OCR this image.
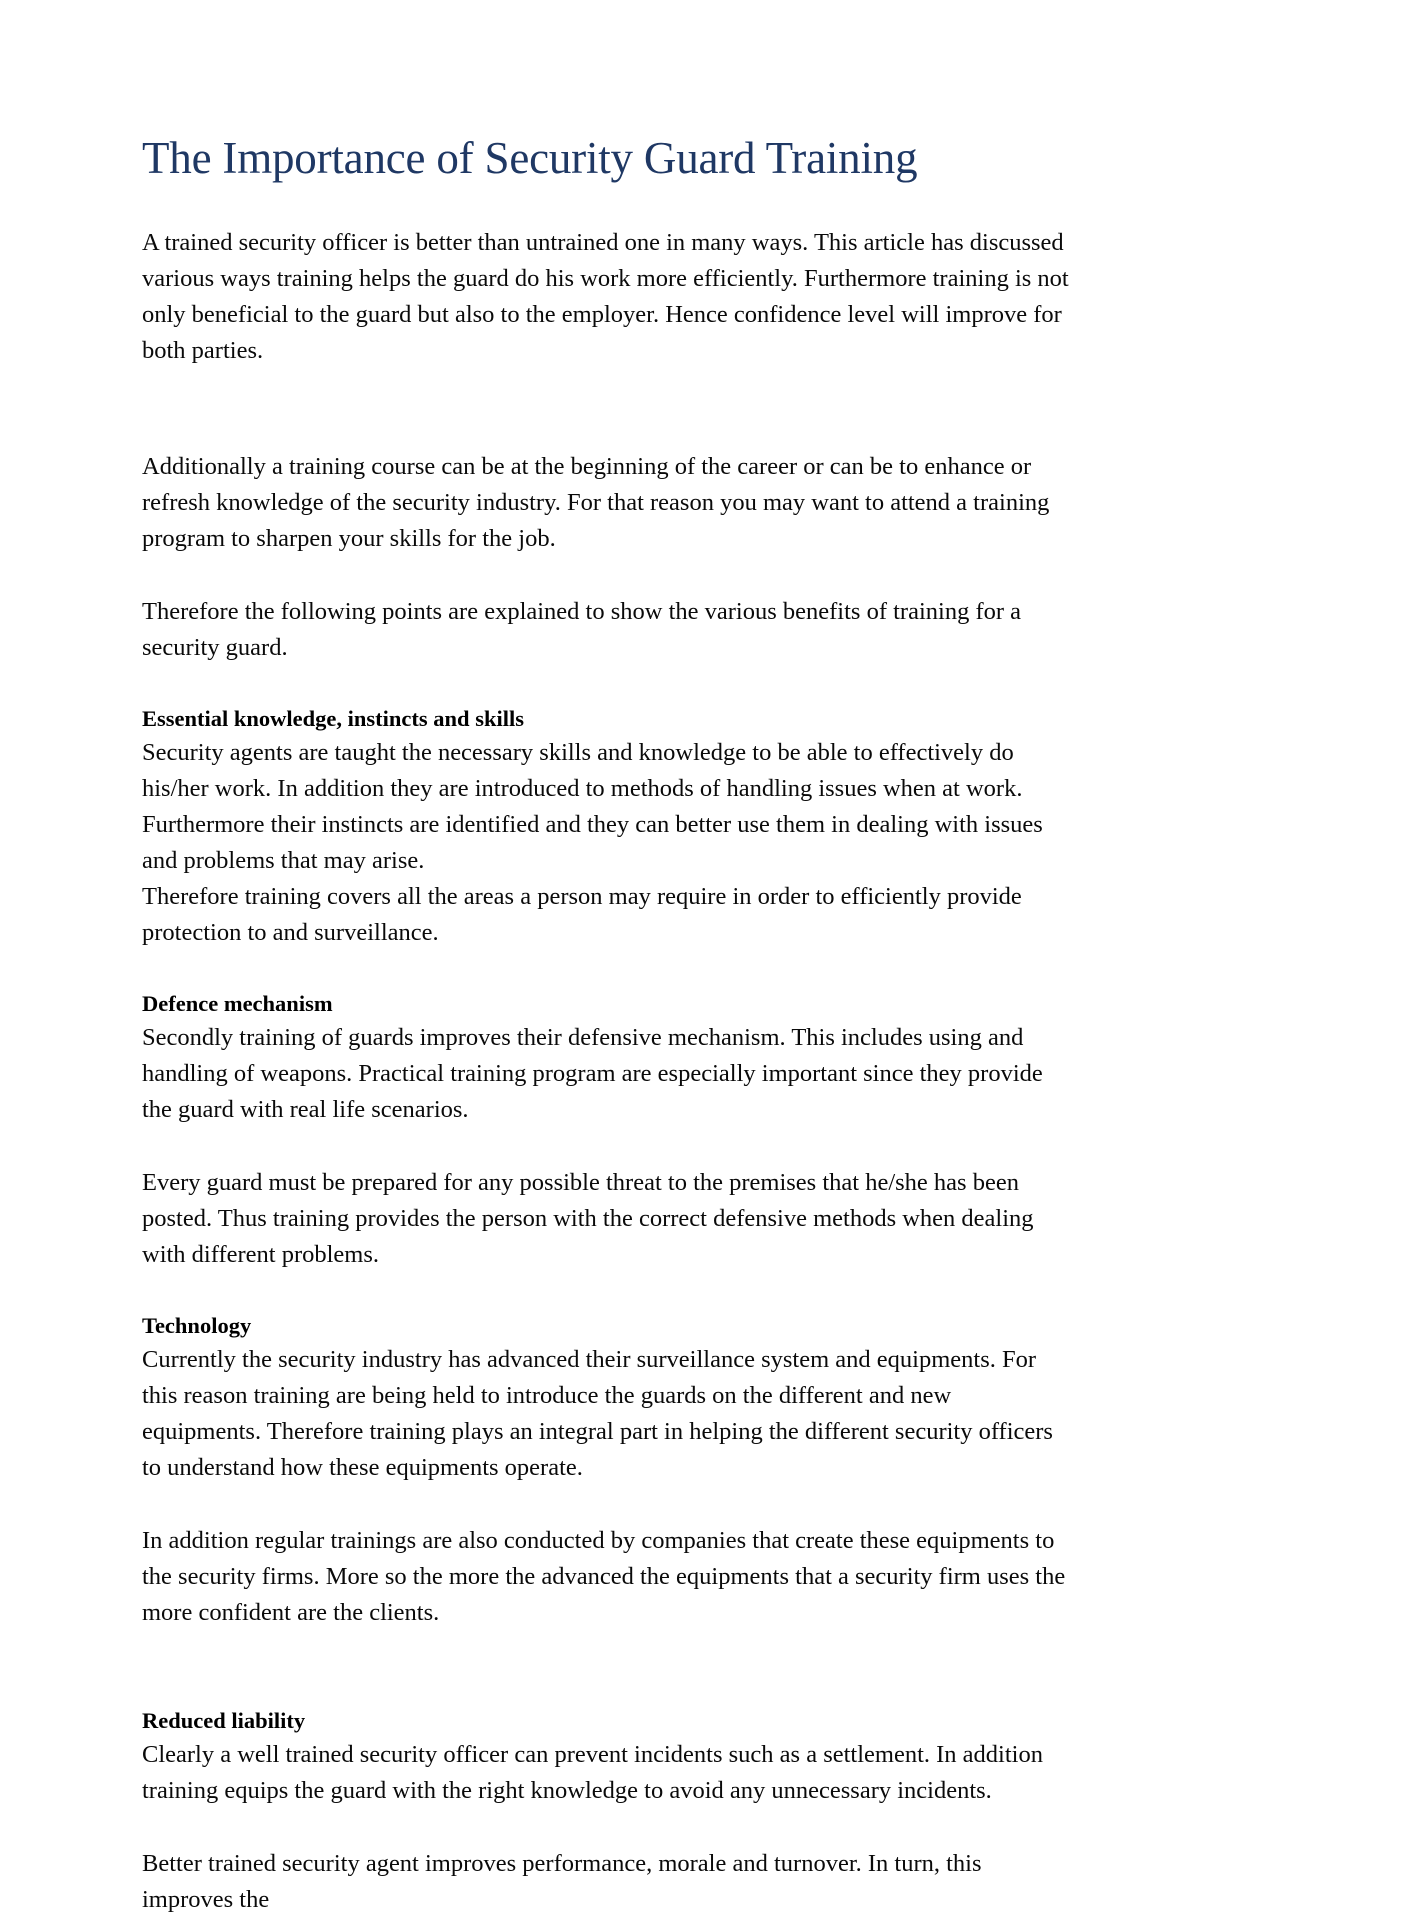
The Importance of Security Guard Training

A trained security officer is better than untrained one in many ways. This article has discussed various ways training helps the guard do his work more efficiently. Furthermore training is not only beneficial to the guard but also to the employer. Hence confidence level will improve for both parties.

Additionally a training course can be at the beginning of the career or can be to enhance or refresh knowledge of the security industry. For that reason you may want to attend a training program to sharpen your skills for the job.

Therefore the following points are explained to show the various benefits of training for a security guard.

Essential knowledge, instincts and skills

Security agents are taught the necessary skills and knowledge to be able to effectively do his/her work. In addition they are introduced to methods of handling issues when at work. Furthermore their instincts are identified and they can better use them in dealing with issues and problems that may arise.

Therefore training covers all the areas a person may require in order to efficiently provide protection to and surveillance.

Defence mechanism

Secondly training of guards improves their defensive mechanism. This includes using and handling of weapons. Practical training program are especially important since they provide the guard with real life scenarios.

Every guard must be prepared for any possible threat to the premises that he/she has been posted. Thus training provides the person with the correct defensive methods when dealing with different problems.

Technology

Currently the security industry has advanced their surveillance system and equipments. For this reason training are being held to introduce the guards on the different and new equipments. Therefore training plays an integral part in helping the different security officers to understand how these equipments operate.

In addition regular trainings are also conducted by companies that create these equipments to the security firms. More so the more the advanced the equipments that a security firm uses the more confident are the clients.

Reduced liability

Clearly a well trained security officer can prevent incidents such as a settlement. In addition training equips the guard with the right knowledge to avoid any unnecessary incidents.

Better trained security agent improves performance, morale and turnover. In turn, this improves the
